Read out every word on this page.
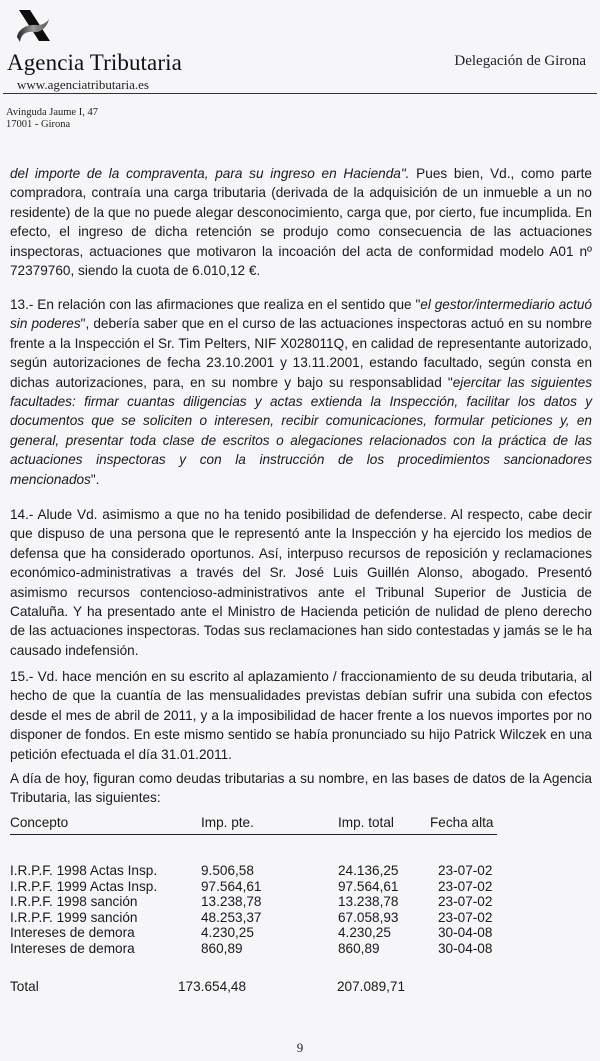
Agencia Tributaria
www.agenciatributaria.es
Delegación de Girona
Avinguda Jaume I, 47
17001 - Girona

del importe de la compraventa, para su ingreso en Hacienda". Pues bien, Vd., como parte compradora, contraía una carga tributaria (derivada de la adquisición de un inmueble a un no residente) de la que no puede alegar desconocimiento, carga que, por cierto, fue incumplida. En efecto, el ingreso de dicha retención se produjo como consecuencia de las actuaciones inspectoras, actuaciones que motivaron la incoación del acta de conformidad modelo A01 nº 72379760, siendo la cuota de 6.010,12 €.

13.- En relación con las afirmaciones que realiza en el sentido que "el gestor/intermediario actuó sin poderes", debería saber que en el curso de las actuaciones inspectoras actuó en su nombre frente a la Inspección el Sr. Tim Pelters, NIF X028011Q, en calidad de representante autorizado, según autorizaciones de fecha 23.10.2001 y 13.11.2001, estando facultado, según consta en dichas autorizaciones, para, en su nombre y bajo su responsablidad "ejercitar las siguientes facultades: firmar cuantas diligencias y actas extienda la Inspección, facilitar los datos y documentos que se soliciten o interesen, recibir comunicaciones, formular peticiones y, en general, presentar toda clase de escritos o alegaciones relacionados con la práctica de las actuaciones inspectoras y con la instrucción de los procedimientos sancionadores mencionados".

14.- Alude Vd. asimismo a que no ha tenido posibilidad de defenderse. Al respecto, cabe decir que dispuso de una persona que le representó ante la Inspección y ha ejercido los medios de defensa que ha considerado oportunos. Así, interpuso recursos de reposición y reclamaciones económico-administrativas a través del Sr. José Luis Guillén Alonso, abogado. Presentó asimismo recursos contencioso-administrativos ante el Tribunal Superior de Justicia de Cataluña. Y ha presentado ante el Ministro de Hacienda petición de nulidad de pleno derecho de las actuaciones inspectoras. Todas sus reclamaciones han sido contestadas y jamás se le ha causado indefensión.

15.- Vd. hace mención en su escrito al aplazamiento / fraccionamiento de su deuda tributaria, al hecho de que la cuantía de las mensualidades previstas debían sufrir una subida con efectos desde el mes de abril de 2011, y a la imposibilidad de hacer frente a los nuevos importes por no disponer de fondos. En este mismo sentido se había pronunciado su hijo Patrick Wilczek en una petición efectuada el día 31.01.2011.

A día de hoy, figuran como deudas tributarias a su nombre, en las bases de datos de la Agencia Tributaria, las siguientes:

Concepto	Imp. pte.	Imp. total	Fecha alta
I.R.P.F. 1998 Actas Insp.	9.506,58	24.136,25	23-07-02
I.R.P.F. 1999 Actas Insp.	97.564,61	97.564,61	23-07-02
I.R.P.F. 1998 sanción	13.238,78	13.238,78	23-07-02
I.R.P.F. 1999 sanción	48.253,37	67.058,93	23-07-02
Intereses de demora	4.230,25	4.230,25	30-04-08
Intereses de demora	860,89	860,89	30-04-08
Total	173.654,48	207.089,71
9
